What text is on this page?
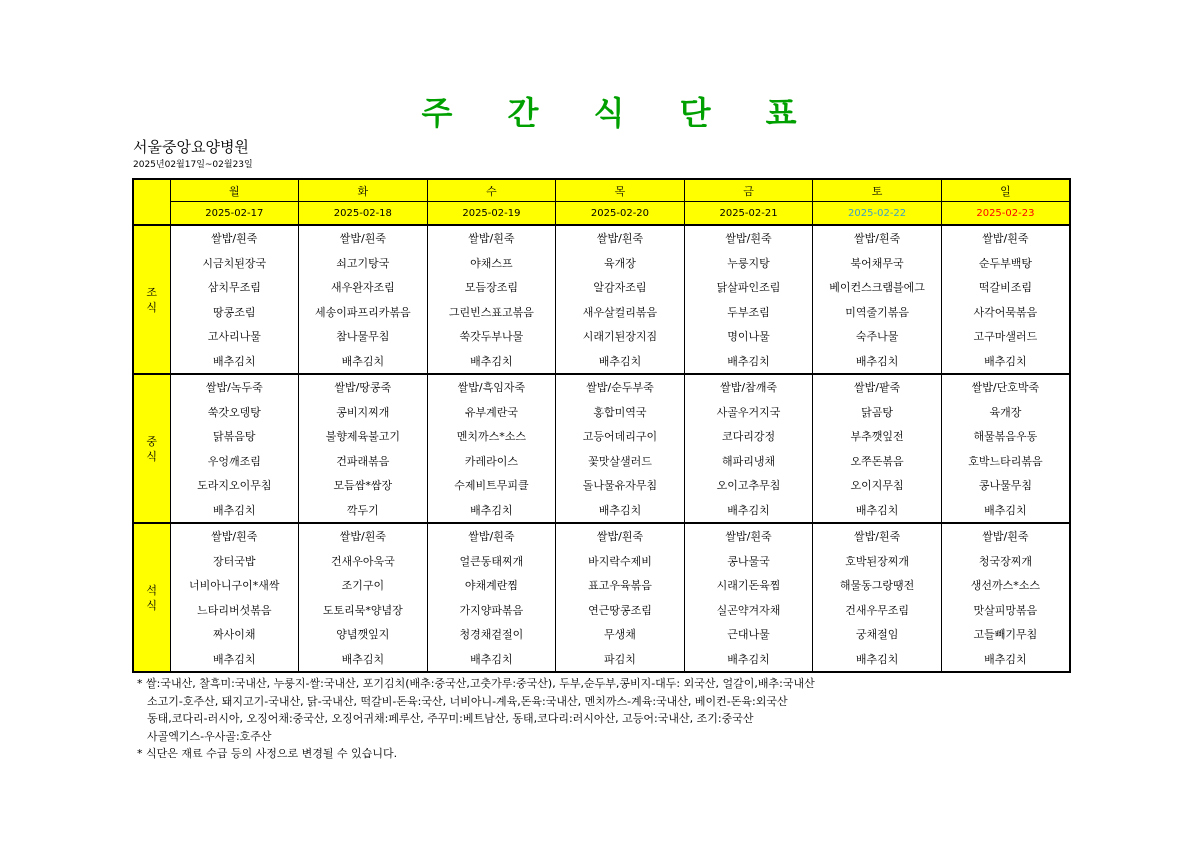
주 간 식 단 표
서울중앙요양병원
2025년02월17일~02월23일
	월	화	수	목	금	토	일
	2025-02-17	2025-02-18	2025-02-19	2025-02-20	2025-02-21	2025-02-22	2025-02-23

조
식	쌀밥/흰죽	쌀밥/흰죽	쌀밥/흰죽	쌀밥/흰죽	쌀밥/흰죽	쌀밥/흰죽	쌀밥/흰죽
	시금치된장국	쇠고기탕국	야채스프	육개장	누룽지탕	북어채무국	순두부백탕
	삼치무조림	새우완자조림	모듬장조림	알감자조림	닭살파인조림	베이컨스크램블에그	떡갈비조림
	땅콩조림	세송이파프리카볶음	그린빈스표고볶음	새우살컬리볶음	두부조림	미역줄기볶음	사각어묵볶음
	고사리나물	참나물무침	쑥갓두부나물	시래기된장지짐	명이나물	숙주나물	고구마샐러드
	배추김치	배추김치	배추김치	배추김치	배추김치	배추김치	배추김치

중
식	쌀밥/녹두죽	쌀밥/땅콩죽	쌀밥/흑임자죽	쌀밥/순두부죽	쌀밥/참깨죽	쌀밥/팥죽	쌀밥/단호박죽
	쑥갓오뎅탕	콩비지찌개	유부계란국	홍합미역국	사골우거지국	닭곰탕	육개장
	닭볶음탕	불향제육불고기	멘치까스*소스	고등어데리구이	코다리강정	부추깻잎전	해물볶음우동
	우엉깨조림	건파래볶음	카레라이스	꽃맛살샐러드	해파리냉채	오쭈돈볶음	호박느타리볶음
	도라지오이무침	모듬쌈*쌈장	수제비트무피클	돌나물유자무침	오이고추무침	오이지무침	콩나물무침
	배추김치	깍두기	배추김치	배추김치	배추김치	배추김치	배추김치

석
식	쌀밥/흰죽	쌀밥/흰죽	쌀밥/흰죽	쌀밥/흰죽	쌀밥/흰죽	쌀밥/흰죽	쌀밥/흰죽
	장터국밥	건새우아욱국	얼큰동태찌개	바지락수제비	콩나물국	호박된장찌개	청국장찌개
	너비아니구이*새싹	조기구이	야채계란찜	표고우육볶음	시래기돈육찜	해물동그랑땡전	생선까스*소스
	느타리버섯볶음	도토리묵*양념장	가지양파볶음	연근땅콩조림	실곤약겨자채	건새우무조림	맛살피망볶음
	짜사이채	양념깻잎지	청경채겉절이	무생채	근대나물	궁채절임	고들빼기무침
	배추김치	배추김치	배추김치	파김치	배추김치	배추김치	배추김치
* 쌀:국내산, 찰흑미:국내산, 누룽지-쌀:국내산, 포기김치(배추:중국산,고춧가루:중국산), 두부,순두부,콩비지-대두: 외국산, 얼갈이,배추:국내산
소고기-호주산, 돼지고기-국내산, 닭-국내산, 떡갈비-돈육:국산, 너비아니-계육,돈육:국내산, 멘치까스-계육:국내산, 베이컨-돈육:외국산
동태,코다리-러시아, 오징어채:중국산, 오징어귀채:페루산, 주꾸미:베트남산, 동태,코다리:러시아산, 고등어:국내산, 조기:중국산
사골엑기스-우사골:호주산
* 식단은 재료 수급 등의 사정으로 변경될 수 있습니다.
